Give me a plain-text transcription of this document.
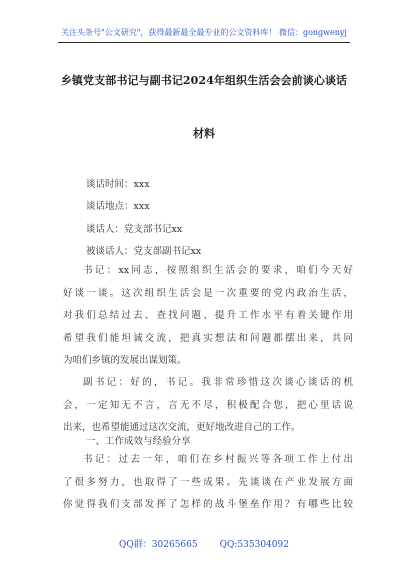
关注头条号"公文研究"，获得最新最全最专业的公文资料库！ 微信：gongwenyj
乡镇党支部书记与副书记2024年组织生活会会前谈心谈话
材料
谈话时间：xxx
谈话地点：xxx
谈话人：党支部书记xx
被谈话人：党支部副书记xx
书记：xx同志，按照组织生活会的要求，咱们今天好
好谈一谈。这次组织生活会是一次重要的党内政治生活，
对我们总结过去、查找问题、提升工作水平有着关键作用
希望我们能坦诚交流，把真实想法和问题都摆出来，共同
为咱们乡镇的发展出谋划策。
副书记：好的，书记。我非常珍惜这次谈心谈话的机
会，一定知无不言，言无不尽，积极配合您，把心里话说
出来，也希望能通过这次交流，更好地改进自己的工作。
一、工作成效与经验分享
书记：过去一年，咱们在乡村振兴等各项工作上付出
了很多努力，也取得了一些成果。先谈谈在产业发展方面
你觉得我们支部发挥了怎样的战斗堡垒作用？有哪些比较
QQ群：30265665 QQ:535304092
